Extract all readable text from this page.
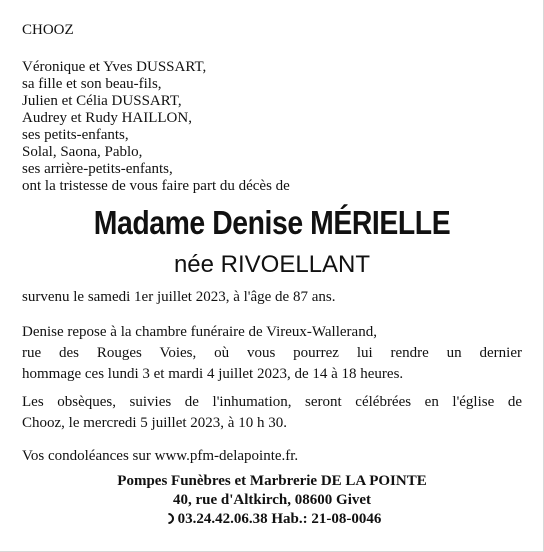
CHOOZ
Véronique et Yves DUSSART,
sa fille et son beau-fils,
Julien et Célia DUSSART,
Audrey et Rudy HAILLON,
ses petits-enfants,
Solal, Saona, Pablo,
ses arrière-petits-enfants,
ont la tristesse de vous faire part du décès de
Madame Denise MÉRIELLE
née RIVOELLANT
survenu le samedi 1er juillet 2023, à l'âge de 87 ans.
Denise repose à la chambre funéraire de Vireux-Wallerand,
rue des Rouges Voies, où vous pourrez lui rendre un dernier
hommage ces lundi 3 et mardi 4 juillet 2023, de 14 à 18 heures.
Les obsèques, suivies de l'inhumation, seront célébrées en l'église de
Chooz, le mercredi 5 juillet 2023, à 10 h 30.
Vos condoléances sur www.pfm-delapointe.fr.
Pompes Funèbres et Marbrerie DE LA POINTE
40, rue d'Altkirch, 08600 Givet
03.24.42.06.38 Hab.: 21-08-0046
